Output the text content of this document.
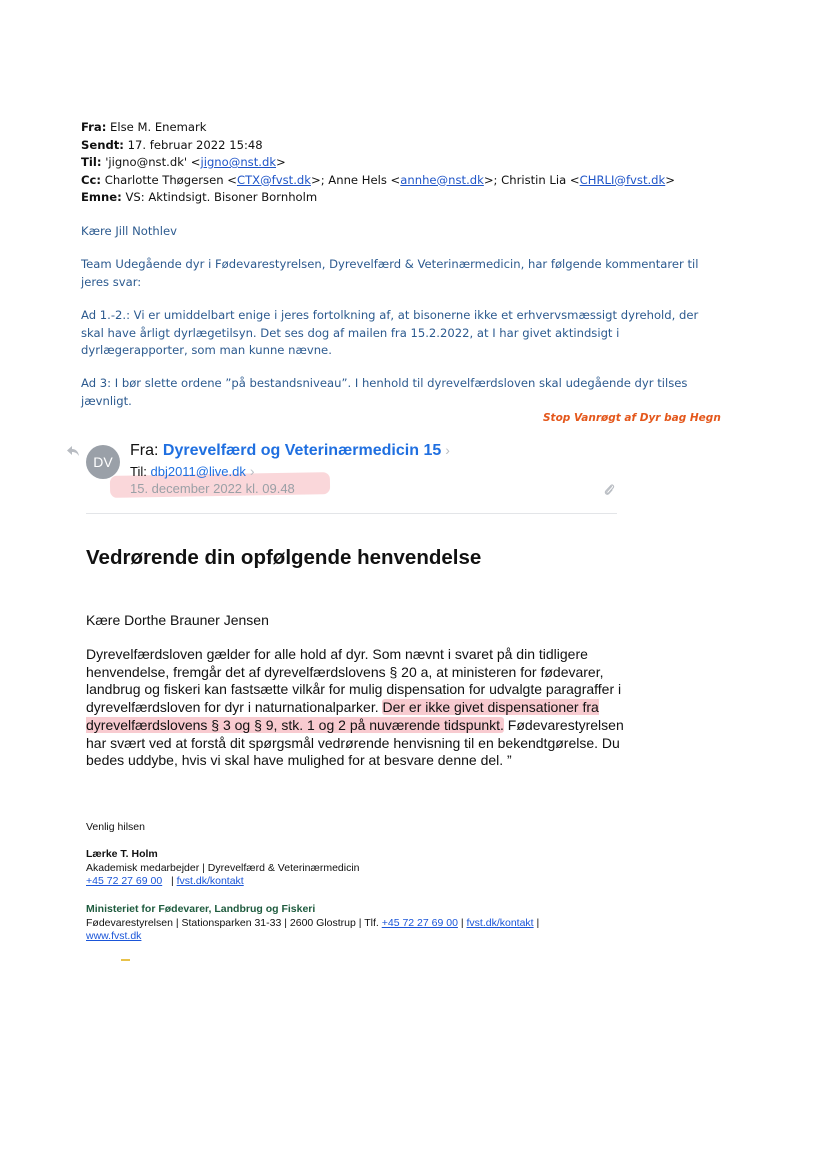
Fra: Else M. Enemark
Sendt: 17. februar 2022 15:48
Til: 'jigno@nst.dk' <jigno@nst.dk>
Cc: Charlotte Thøgersen <CTX@fvst.dk>; Anne Hels <annhe@nst.dk>; Christin Lia <CHRLI@fvst.dk>
Emne: VS: Aktindsigt. Bisoner Bornholm

Kære Jill Nothlev

Team Udegående dyr i Fødevarestyrelsen, Dyrevelfærd & Veterinærmedicin, har følgende kommentarer til jeres svar:

Ad 1.-2.: Vi er umiddelbart enige i jeres fortolkning af, at bisonerne ikke et erhvervsmæssigt dyrehold, der skal have årligt dyrlægetilsyn. Det ses dog af mailen fra 15.2.2022, at I har givet aktindsigt i dyrlægerapporter, som man kunne nævne.

Ad 3: I bør slette ordene ”på bestandsniveau”. I henhold til dyrevelfærdsloven skal udegående dyr tilses jævnligt.

Stop Vanrøgt af Dyr bag Hegn
DV
Fra: Dyrevelfærd og Veterinærmedicin 15 ›
Til: dbj2011@live.dk ›
15. december 2022 kl. 09.48
Vedrørende din opfølgende henvendelse
Kære Dorthe Brauner Jensen
Dyrevelfærdsloven gælder for alle hold af dyr. Som nævnt i svaret på din tidligere henvendelse, fremgår det af dyrevelfærdslovens § 20 a, at ministeren for fødevarer, landbrug og fiskeri kan fastsætte vilkår for mulig dispensation for udvalgte paragraffer i dyrevelfærdsloven for dyr i naturnationalparker. Der er ikke givet dispensationer fra dyrevelfærdslovens § 3 og § 9, stk. 1 og 2 på nuværende tidspunkt. Fødevarestyrelsen har svært ved at forstå dit spørgsmål vedrørende henvisning til en bekendtgørelse. Du bedes uddybe, hvis vi skal have mulighed for at besvare denne del. ”
Venlig hilsen
Lærke T. Holm
Akademisk medarbejder | Dyrevelfærd & Veterinærmedicin
+45 72 27 69 00   | fvst.dk/kontakt
Ministeriet for Fødevarer, Landbrug og Fiskeri
Fødevarestyrelsen | Stationsparken 31-33 | 2600 Glostrup | Tlf. +45 72 27 69 00 | fvst.dk/kontakt |
www.fvst.dk
